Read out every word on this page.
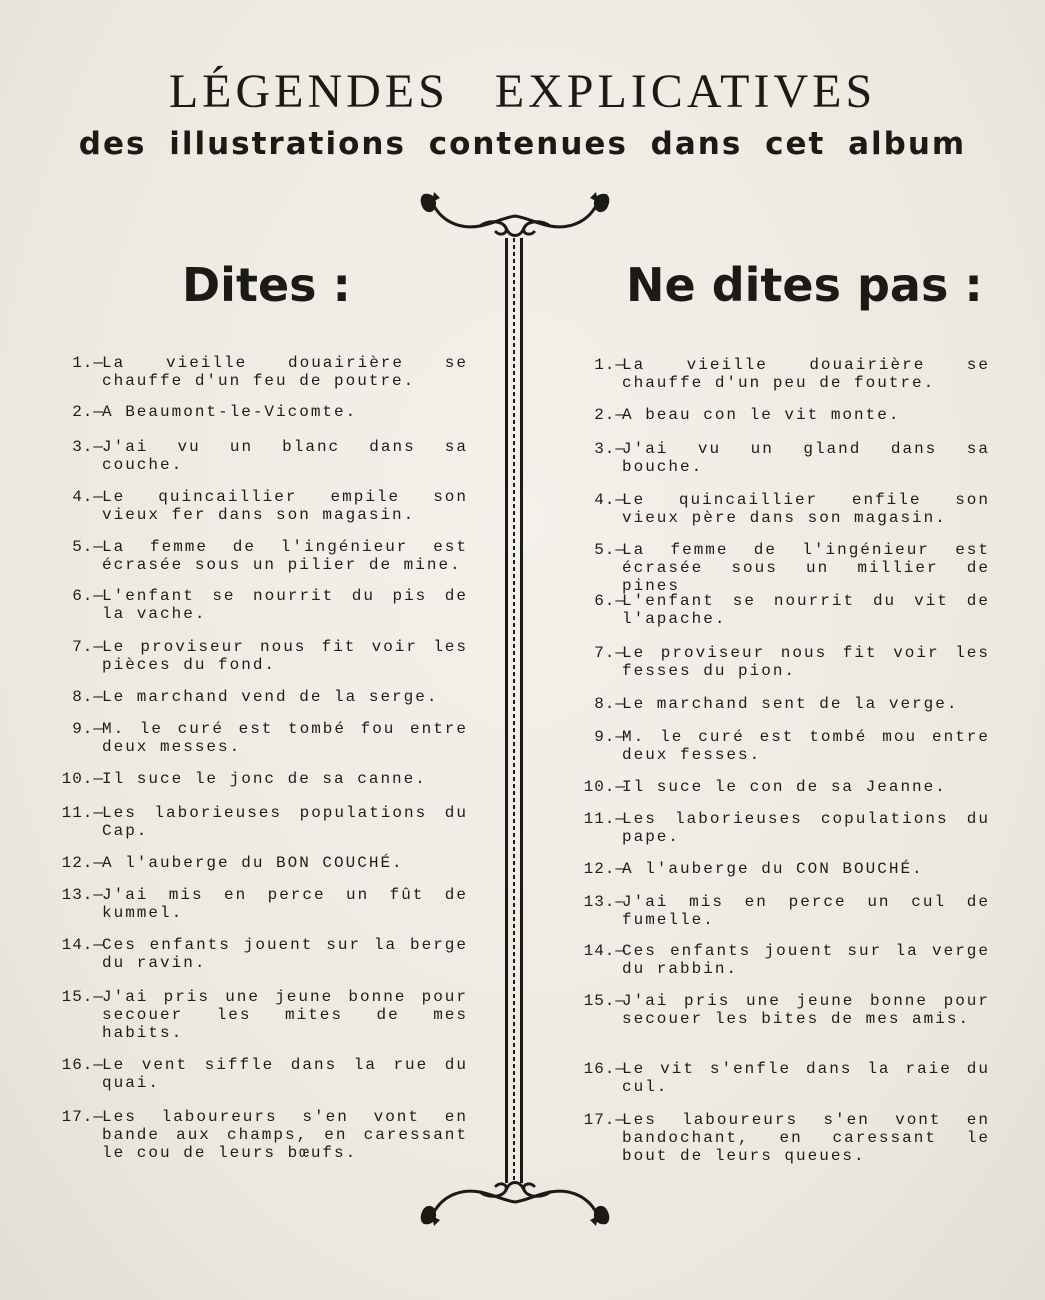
LÉGENDES EXPLICATIVES
des illustrations contenues dans cet album
Dites :	Ne dites pas :
1.—
La vieille douairière se chauffe d'un feu de poutre.
2.—
A Beaumont-le-Vicomte.
3.—
J'ai vu un blanc dans sa couche.
4.—
Le quincaillier empile son vieux fer dans son magasin.
5.—
La femme de l'ingénieur est écrasée sous un pilier de mine.
6.—
L'enfant se nourrit du pis de la vache.
7.—
Le proviseur nous fit voir les pièces du fond.
8.—
Le marchand vend de la serge.
9.—
M. le curé est tombé fou entre deux messes.
10.—
Il suce le jonc de sa canne.
11.—
Les laborieuses populations du Cap.
12.—
A l'auberge du BON COUCHÉ.
13.—
J'ai mis en perce un fût de kummel.
14.—
Ces enfants jouent sur la berge du ravin.
15.—
J'ai pris une jeune bonne pour secouer les mites de mes habits.
16.—
Le vent siffle dans la rue du quai.
17.—
Les laboureurs s'en vont en bande aux champs, en caressant le cou de leurs bœufs.
1.—
La vieille douairière se chauffe d'un peu de foutre.
2.—
A beau con le vit monte.
3.—
J'ai vu un gland dans sa bouche.
4.—
Le quincaillier enfile son vieux père dans son magasin.
5.—
La femme de l'ingénieur est écrasée sous un millier de pines
6.—
L'enfant se nourrit du vit de l'apache.
7.—
Le proviseur nous fit voir les fesses du pion.
8.—
Le marchand sent de la verge.
9.—
M. le curé est tombé mou entre deux fesses.
10.—
Il suce le con de sa Jeanne.
11.—
Les laborieuses copulations du pape.
12.—
A l'auberge du CON BOUCHÉ.
13.—
J'ai mis en perce un cul de fumelle.
14.—
Ces enfants jouent sur la verge du rabbin.
15.—
J'ai pris une jeune bonne pour secouer les bites de mes amis.
16.—
Le vit s'enfle dans la raie du cul.
17.—
Les laboureurs s'en vont en bandochant, en caressant le bout de leurs queues.
